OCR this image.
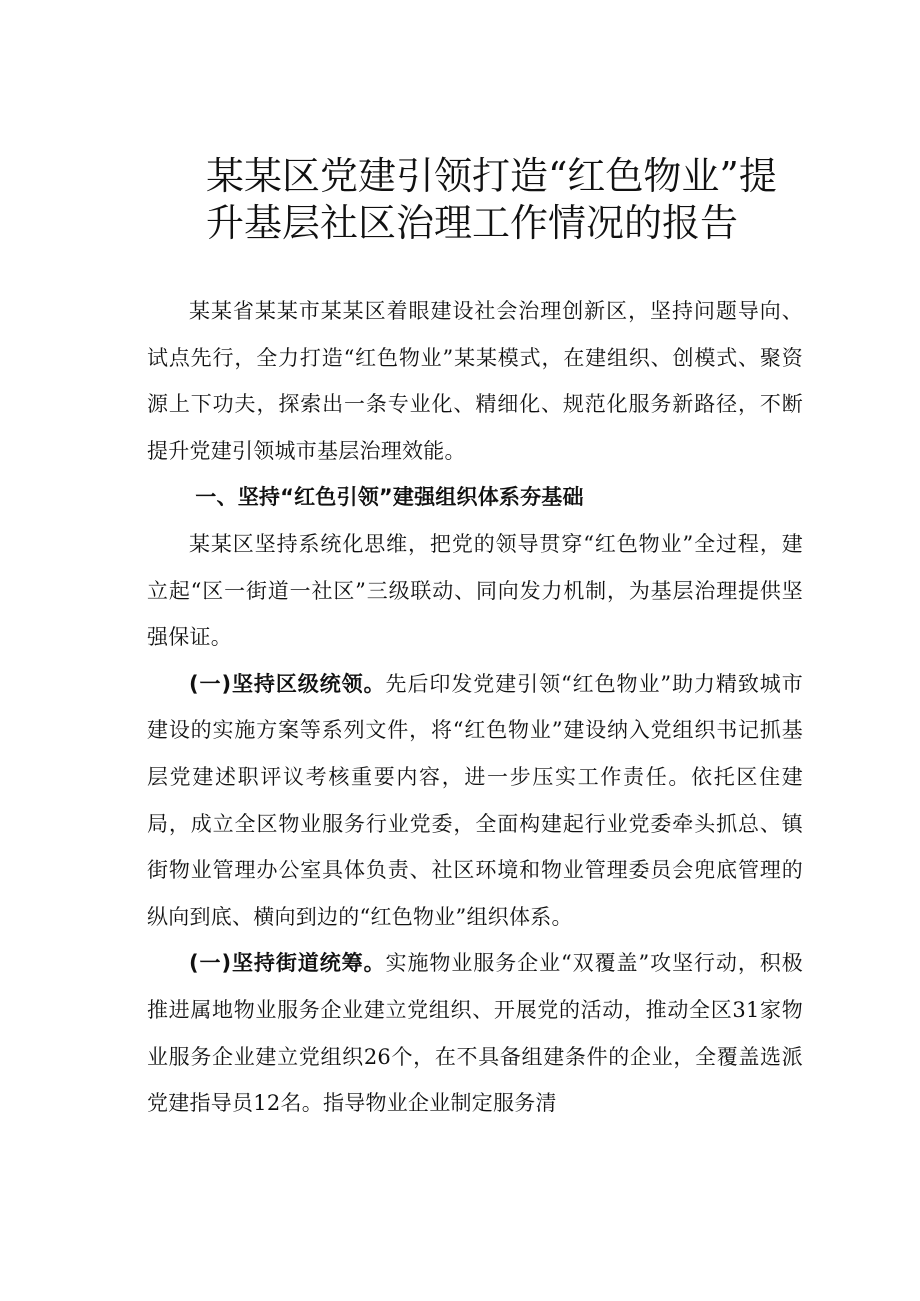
某某区党建引领打造“红色物业”提升基层社区治理工作情况的报告

某某省某某市某某区着眼建设社会治理创新区，坚持问题导向、试点先行，全力打造“红色物业”某某模式，在建组织、创模式、聚资源上下功夫，探索出一条专业化、精细化、规范化服务新路径，不断提升党建引领城市基层治理效能。

一、坚持“红色引领”建强组织体系夯基础

某某区坚持系统化思维，把党的领导贯穿“红色物业”全过程，建立起“区一街道一社区”三级联动、同向发力机制，为基层治理提供坚强保证。

(一)坚持区级统领。先后印发党建引领“红色物业”助力精致城市建设的实施方案等系列文件，将“红色物业”建设纳入党组织书记抓基层党建述职评议考核重要内容，进一步压实工作责任。依托区住建局，成立全区物业服务行业党委，全面构建起行业党委牵头抓总、镇街物业管理办公室具体负责、社区环境和物业管理委员会兜底管理的纵向到底、横向到边的“红色物业”组织体系。

(一)坚持街道统筹。实施物业服务企业“双覆盖”攻坚行动，积极推进属地物业服务企业建立党组织、开展党的活动，推动全区31家物业服务企业建立党组织26个，在不具备组建条件的企业，全覆盖选派党建指导员12名。指导物业企业制定服务清
